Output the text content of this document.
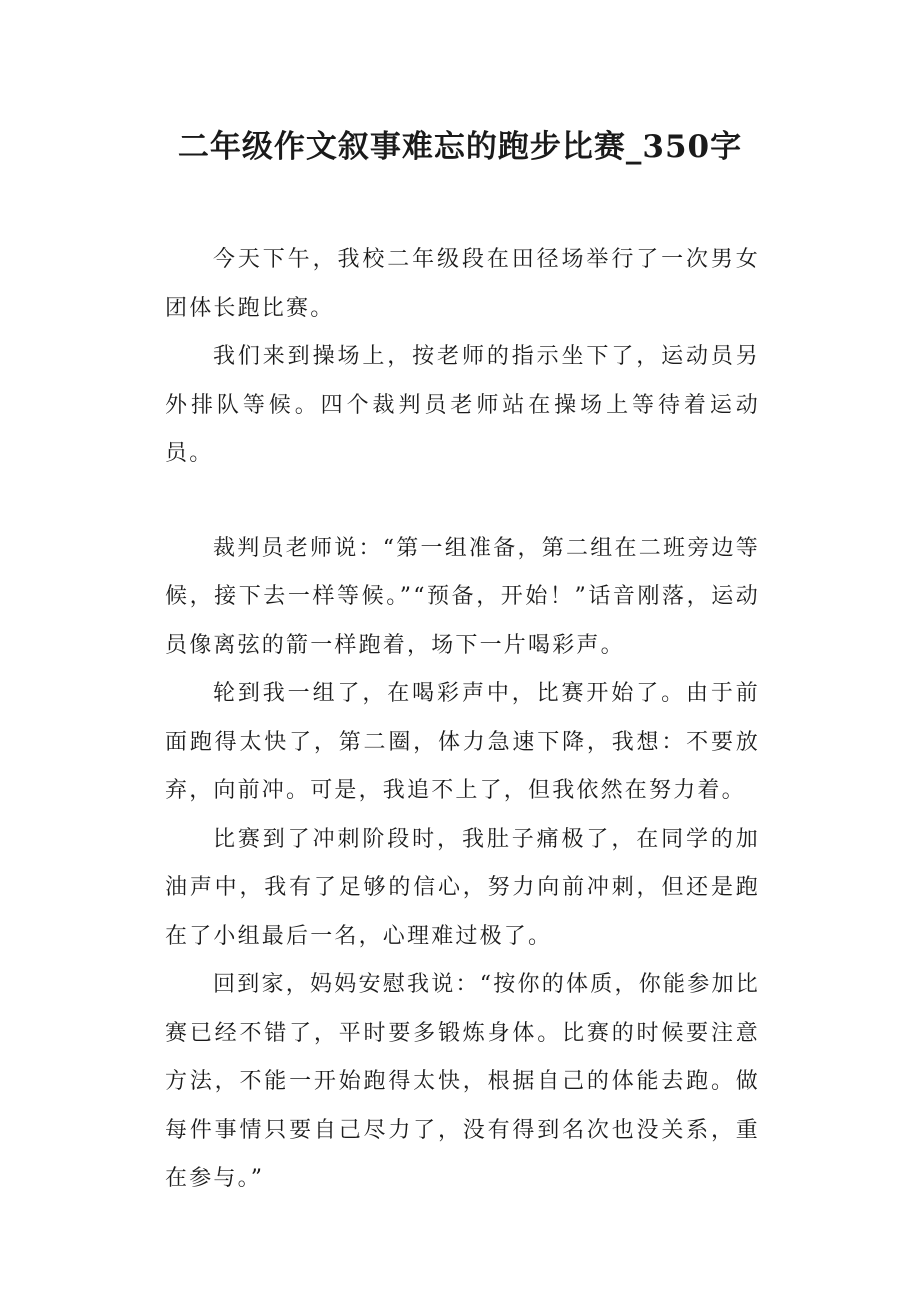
二年级作文叙事难忘的跑步比赛_350字

今天下午，我校二年级段在田径场举行了一次男女团体长跑比赛。

我们来到操场上，按老师的指示坐下了，运动员另外排队等候。四个裁判员老师站在操场上等待着运动员。

裁判员老师说：“第一组准备，第二组在二班旁边等候，接下去一样等候。”“预备，开始！”话音刚落，运动员像离弦的箭一样跑着，场下一片喝彩声。

轮到我一组了，在喝彩声中，比赛开始了。由于前面跑得太快了，第二圈，体力急速下降，我想：不要放弃，向前冲。可是，我追不上了，但我依然在努力着。

比赛到了冲刺阶段时，我肚子痛极了，在同学的加油声中，我有了足够的信心，努力向前冲刺，但还是跑在了小组最后一名，心理难过极了。

回到家，妈妈安慰我说：“按你的体质，你能参加比赛已经不错了，平时要多锻炼身体。比赛的时候要注意方法，不能一开始跑得太快，根据自己的体能去跑。做每件事情只要自己尽力了，没有得到名次也没关系，重在参与。”
